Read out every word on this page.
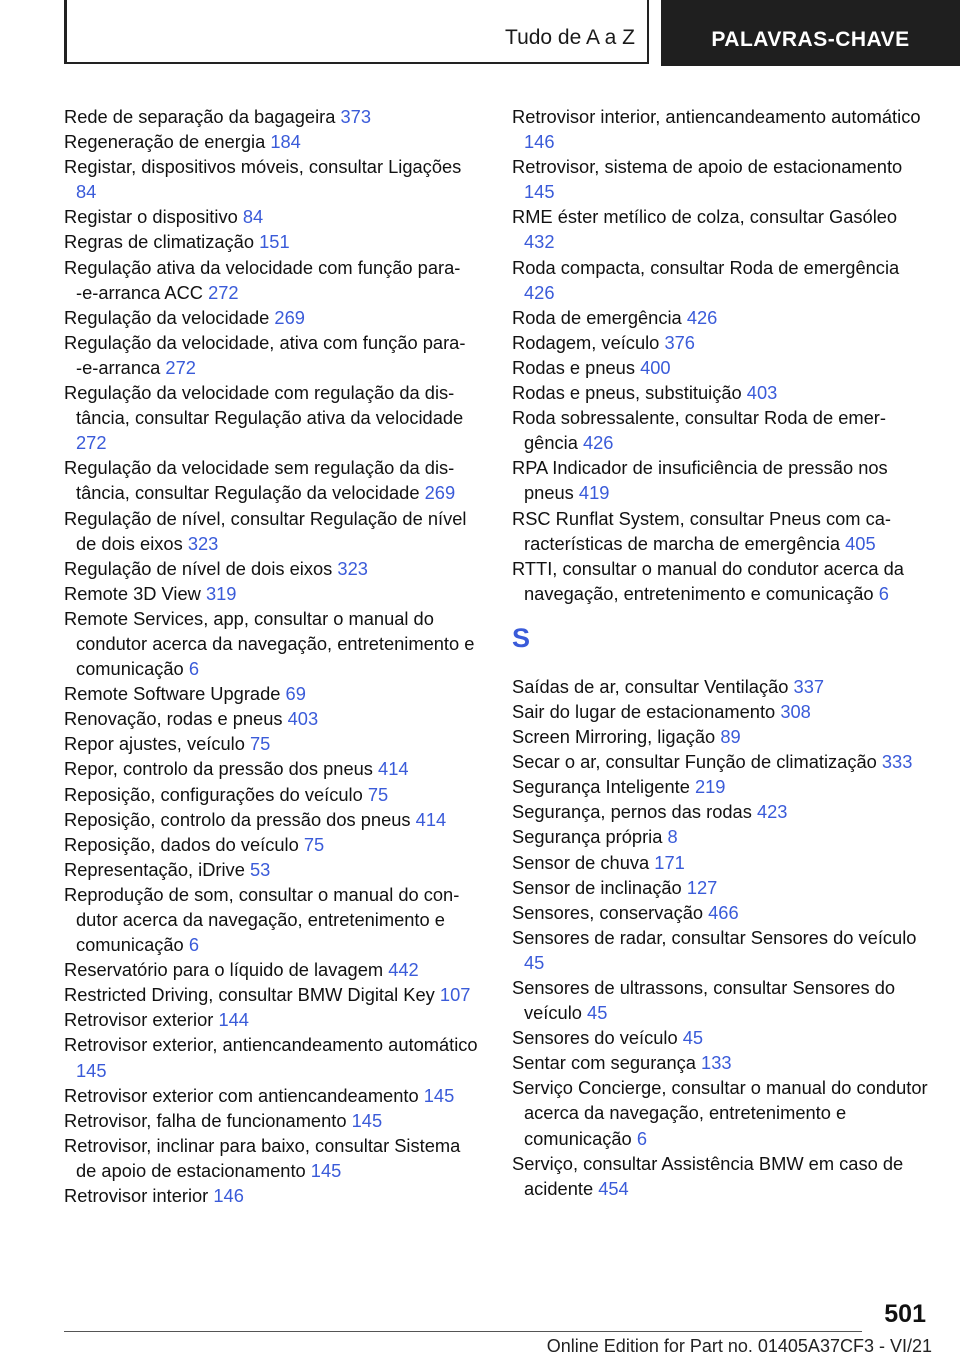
Tudo de A a Z	PALAVRAS-CHAVE
Rede de separação da bagageira 373
Regeneração de energia 184
Registar, dispositivos móveis, consultar Ligações 84
Registar o dispositivo 84
Regras de climatização 151
Regulação ativa da velocidade com função para-‑e-arranca ACC 272
Regulação da velocidade 269
Regulação da velocidade, ativa com função para-‑e-arranca 272
Regulação da velocidade com regulação da distância, consultar Regulação ativa da velocidade 272
Regulação da velocidade sem regulação da distância, consultar Regulação da velocidade 269
Regulação de nível, consultar Regulação de nível de dois eixos 323
Regulação de nível de dois eixos 323
Remote 3D View 319
Remote Services, app, consultar o manual do condutor acerca da navegação, entretenimento e comunicação 6
Remote Software Upgrade 69
Renovação, rodas e pneus 403
Repor ajustes, veículo 75
Repor, controlo da pressão dos pneus 414
Reposição, configurações do veículo 75
Reposição, controlo da pressão dos pneus 414
Reposição, dados do veículo 75
Representação, iDrive 53
Reprodução de som, consultar o manual do condutor acerca da navegação, entretenimento e comunicação 6
Reservatório para o líquido de lavagem 442
Restricted Driving, consultar BMW Digital Key 107
Retrovisor exterior 144
Retrovisor exterior, antiencandeamento automático 145
Retrovisor exterior com antiencandeamento 145
Retrovisor, falha de funcionamento 145
Retrovisor, inclinar para baixo, consultar Sistema de apoio de estacionamento 145
Retrovisor interior 146
Retrovisor interior, antiencandeamento automático 146
Retrovisor, sistema de apoio de estacionamento 145
RME éster metílico de colza, consultar Gasóleo 432
Roda compacta, consultar Roda de emergência 426
Roda de emergência 426
Rodagem, veículo 376
Rodas e pneus 400
Rodas e pneus, substituição 403
Roda sobressalente, consultar Roda de emergência 426
RPA Indicador de insuficiência de pressão nos pneus 419
RSC Runflat System, consultar Pneus com características de marcha de emergência 405
RTTI, consultar o manual do condutor acerca da navegação, entretenimento e comunicação 6
S
Saídas de ar, consultar Ventilação 337
Sair do lugar de estacionamento 308
Screen Mirroring, ligação 89
Secar o ar, consultar Função de climatização 333
Segurança Inteligente 219
Segurança, pernos das rodas 423
Segurança própria 8
Sensor de chuva 171
Sensor de inclinação 127
Sensores, conservação 466
Sensores de radar, consultar Sensores do veículo 45
Sensores de ultrassons, consultar Sensores do veículo 45
Sensores do veículo 45
Sentar com segurança 133
Serviço Concierge, consultar o manual do condutor acerca da navegação, entretenimento e comunicação 6
Serviço, consultar Assistência BMW em caso de acidente 454
501
Online Edition for Part no. 01405A37CF3 - VI/21
